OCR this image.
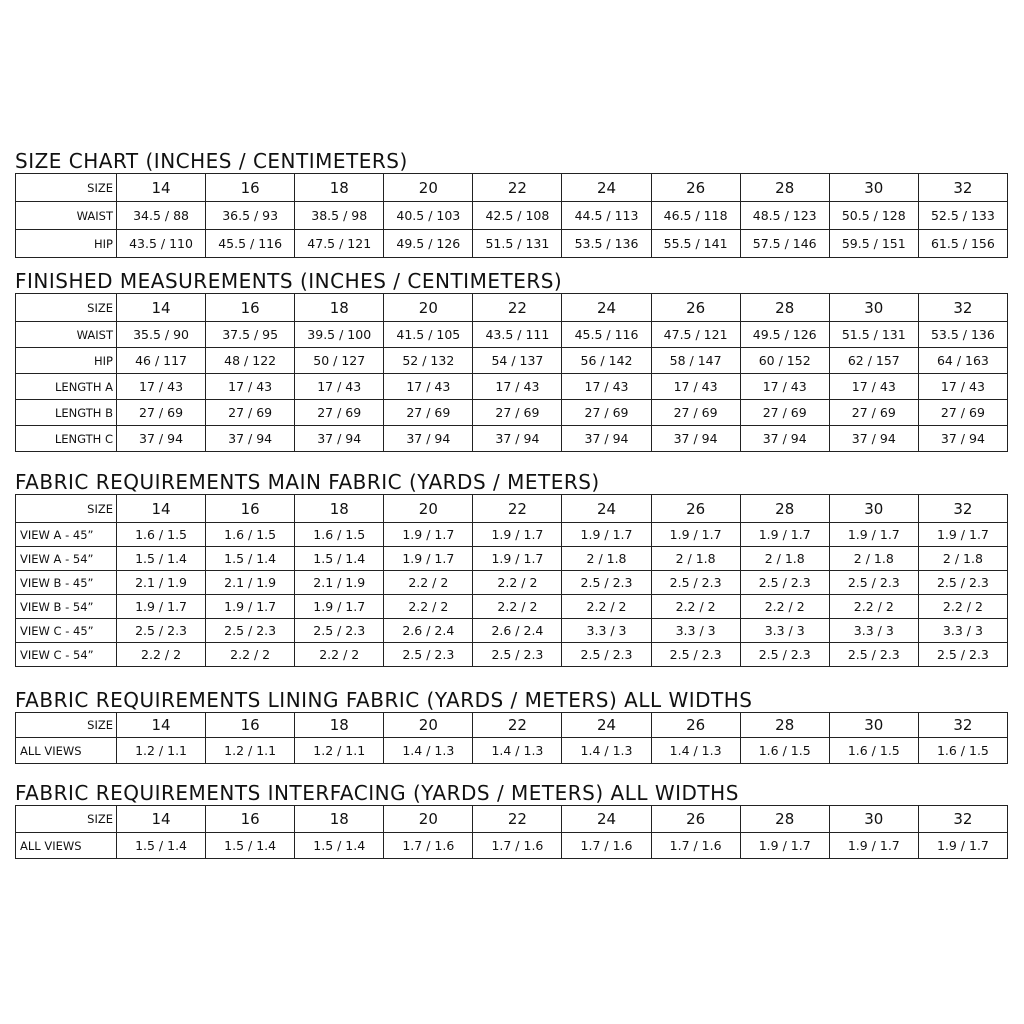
SIZE CHART (INCHES / CENTIMETERS)
SIZE	14	16	18	20	22	24	26	28	30	32
WAIST	34.5 / 88	36.5 / 93	38.5 / 98	40.5 / 103	42.5 / 108	44.5 / 113	46.5 / 118	48.5 / 123	50.5 / 128	52.5 / 133
HIP	43.5 / 110	45.5 / 116	47.5 / 121	49.5 / 126	51.5 / 131	53.5 / 136	55.5 / 141	57.5 / 146	59.5 / 151	61.5 / 156
FINISHED MEASUREMENTS (INCHES / CENTIMETERS)
SIZE	14	16	18	20	22	24	26	28	30	32
WAIST	35.5 / 90	37.5 / 95	39.5 / 100	41.5 / 105	43.5 / 111	45.5 / 116	47.5 / 121	49.5 / 126	51.5 / 131	53.5 / 136
HIP	46 / 117	48 / 122	50 / 127	52 / 132	54 / 137	56 / 142	58 / 147	60 / 152	62 / 157	64 / 163
LENGTH A	17 / 43	17 / 43	17 / 43	17 / 43	17 / 43	17 / 43	17 / 43	17 / 43	17 / 43	17 / 43
LENGTH B	27 / 69	27 / 69	27 / 69	27 / 69	27 / 69	27 / 69	27 / 69	27 / 69	27 / 69	27 / 69
LENGTH C	37 / 94	37 / 94	37 / 94	37 / 94	37 / 94	37 / 94	37 / 94	37 / 94	37 / 94	37 / 94
FABRIC REQUIREMENTS MAIN FABRIC (YARDS / METERS)
SIZE	14	16	18	20	22	24	26	28	30	32
VIEW A - 45”	1.6 / 1.5	1.6 / 1.5	1.6 / 1.5	1.9 / 1.7	1.9 / 1.7	1.9 / 1.7	1.9 / 1.7	1.9 / 1.7	1.9 / 1.7	1.9 / 1.7
VIEW A - 54”	1.5 / 1.4	1.5 / 1.4	1.5 / 1.4	1.9 / 1.7	1.9 / 1.7	2 / 1.8	2 / 1.8	2 / 1.8	2 / 1.8	2 / 1.8
VIEW B - 45”	2.1 / 1.9	2.1 / 1.9	2.1 / 1.9	2.2 / 2	2.2 / 2	2.5 / 2.3	2.5 / 2.3	2.5 / 2.3	2.5 / 2.3	2.5 / 2.3
VIEW B - 54”	1.9 / 1.7	1.9 / 1.7	1.9 / 1.7	2.2 / 2	2.2 / 2	2.2 / 2	2.2 / 2	2.2 / 2	2.2 / 2	2.2 / 2
VIEW C - 45”	2.5 / 2.3	2.5 / 2.3	2.5 / 2.3	2.6 / 2.4	2.6 / 2.4	3.3 / 3	3.3 / 3	3.3 / 3	3.3 / 3	3.3 / 3
VIEW C - 54”	2.2 / 2	2.2 / 2	2.2 / 2	2.5 / 2.3	2.5 / 2.3	2.5 / 2.3	2.5 / 2.3	2.5 / 2.3	2.5 / 2.3	2.5 / 2.3
FABRIC REQUIREMENTS LINING FABRIC (YARDS / METERS) ALL WIDTHS
SIZE	14	16	18	20	22	24	26	28	30	32
ALL VIEWS	1.2 / 1.1	1.2 / 1.1	1.2 / 1.1	1.4 / 1.3	1.4 / 1.3	1.4 / 1.3	1.4 / 1.3	1.6 / 1.5	1.6 / 1.5	1.6 / 1.5
FABRIC REQUIREMENTS INTERFACING (YARDS / METERS) ALL WIDTHS
SIZE	14	16	18	20	22	24	26	28	30	32
ALL VIEWS	1.5 / 1.4	1.5 / 1.4	1.5 / 1.4	1.7 / 1.6	1.7 / 1.6	1.7 / 1.6	1.7 / 1.6	1.9 / 1.7	1.9 / 1.7	1.9 / 1.7
